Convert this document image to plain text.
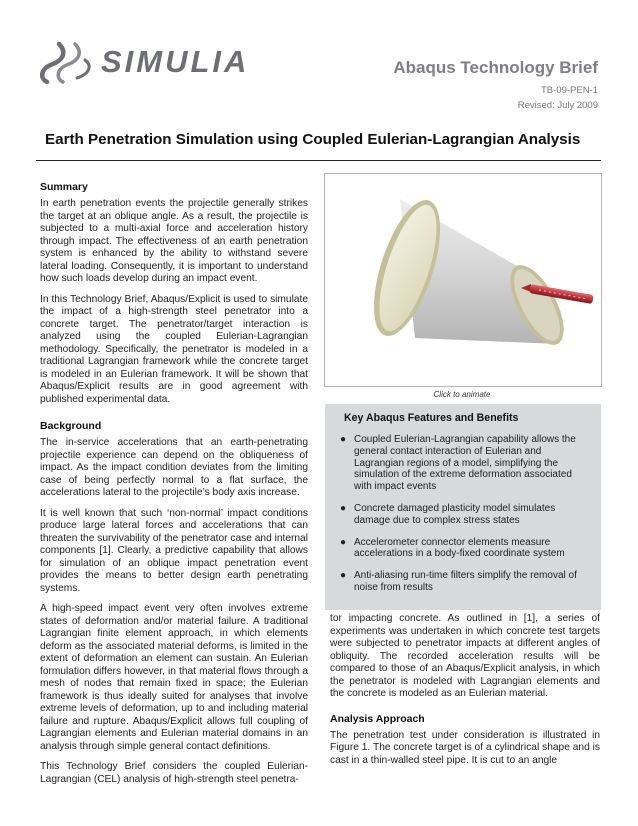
SIMULIA	Abaqus Technology Brief
TB-09-PEN-1
Revised: July 2009
Earth Penetration Simulation using Coupled Eulerian-Lagrangian Analysis
Summary

In earth penetration events the projectile generally strikes the target at an oblique angle. As a result, the projectile is subjected to a multi-axial force and acceleration history through impact. The effectiveness of an earth penetration system is enhanced by the ability to withstand severe lateral loading. Consequently, it is important to understand how such loads develop during an impact event.

In this Technology Brief, Abaqus/Explicit is used to simulate the impact of a high-strength steel penetrator into a concrete target. The penetrator/target interaction is analyzed using the coupled Eulerian-Lagrangian methodology. Specifically, the penetrator is modeled in a traditional Lagrangian framework while the concrete target is modeled in an Eulerian framework. It will be shown that Abaqus/Explicit results are in good agreement with published experimental data.

Background

The in-service accelerations that an earth-penetrating projectile experience can depend on the obliqueness of impact. As the impact condition deviates from the limiting case of being perfectly normal to a flat surface, the accelerations lateral to the projectile’s body axis increase.

It is well known that such ‘non-normal’ impact conditions produce large lateral forces and accelerations that can threaten the survivability of the penetrator case and internal components [1]. Clearly, a predictive capability that allows for simulation of an oblique impact penetration event provides the means to better design earth penetrating systems.

A high-speed impact event very often involves extreme states of deformation and/or material failure. A traditional Lagrangian finite element approach, in which elements deform as the associated material deforms, is limited in the extent of deformation an element can sustain. An Eulerian formulation differs however, in that material flows through a mesh of nodes that remain fixed in space; the Eulerian framework is thus ideally suited for analyses that involve extreme levels of deformation, up to and including material failure and rupture. Abaqus/Explicit allows full coupling of Lagrangian elements and Eulerian material domains in an analysis through simple general contact definitions.

This Technology Brief considers the coupled Eulerian-Lagrangian (CEL) analysis of high-strength steel penetra-

Click to animate
Key Abaqus Features and Benefits
● Coupled Eulerian-Lagrangian capability allows the general contact interaction of Eulerian and Lagrangian regions of a model, simplifying the simulation of the extreme deformation associated with impact events
● Concrete damaged plasticity model simulates damage due to complex stress states
● Accelerometer connector elements measure accelerations in a body-fixed coordinate system
● Anti-aliasing run-time filters simplify the removal of noise from results

tor impacting concrete. As outlined in [1], a series of experiments was undertaken in which concrete test targets were subjected to penetrator impacts at different angles of obliquity. The recorded acceleration results will be compared to those of an Abaqus/Explicit analysis, in which the penetrator is modeled with Lagrangian elements and the concrete is modeled as an Eulerian material.

Analysis Approach

The penetration test under consideration is illustrated in Figure 1. The concrete target is of a cylindrical shape and is cast in a thin-walled steel pipe. It is cut to an angle
